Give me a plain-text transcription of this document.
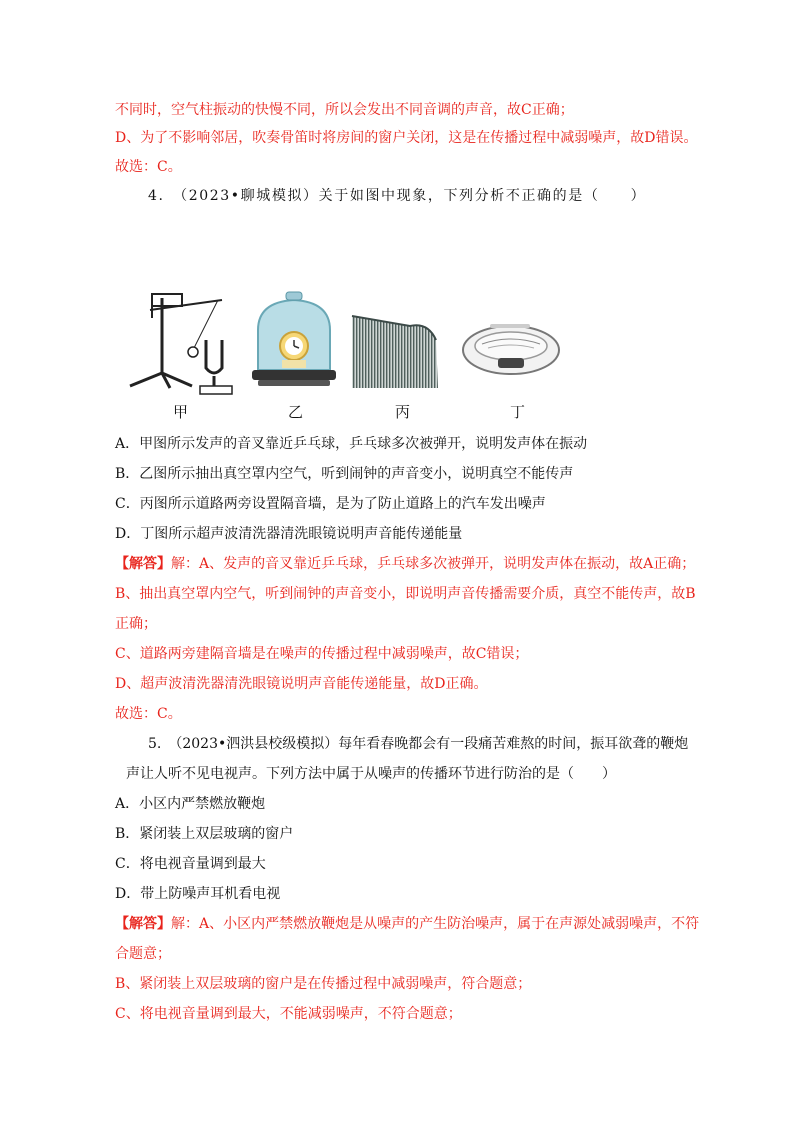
不同时，空气柱振动的快慢不同，所以会发出不同音调的声音，故C正确；
D、为了不影响邻居，吹奏骨笛时将房间的窗户关闭，这是在传播过程中减弱噪声，故D错误。
故选：C。
4.　（2023•聊城模拟）关于如图中现象，下列分析不正确的是（　　）
甲	乙	丙	丁
A．甲图所示发声的音叉靠近乒乓球，乒乓球多次被弹开，说明发声体在振动
B．乙图所示抽出真空罩内空气，听到闹钟的声音变小，说明真空不能传声
C．丙图所示道路两旁设置隔音墙，是为了防止道路上的汽车发出噪声
D．丁图所示超声波清洗器清洗眼镜说明声音能传递能量
【解答】解：A、发声的音叉靠近乒乓球，乒乓球多次被弹开，说明发声体在振动，故A正确；
B、抽出真空罩内空气，听到闹钟的声音变小，即说明声音传播需要介质，真空不能传声，故B
正确；
C、道路两旁建隔音墙是在噪声的传播过程中减弱噪声，故C错误；
D、超声波清洗器清洗眼镜说明声音能传递能量，故D正确。
故选：C。
5.　（2023•泗洪县校级模拟）每年看春晚都会有一段痛苦难熬的时间，振耳欲聋的鞭炮
声让人听不见电视声。下列方法中属于从噪声的传播环节进行防治的是（　　）
A．小区内严禁燃放鞭炮
B．紧闭装上双层玻璃的窗户
C．将电视音量调到最大
D．带上防噪声耳机看电视
【解答】解：A、小区内严禁燃放鞭炮是从噪声的产生防治噪声，属于在声源处减弱噪声，不符
合题意；
B、紧闭装上双层玻璃的窗户是在传播过程中减弱噪声，符合题意；
C、将电视音量调到最大，不能减弱噪声，不符合题意；
